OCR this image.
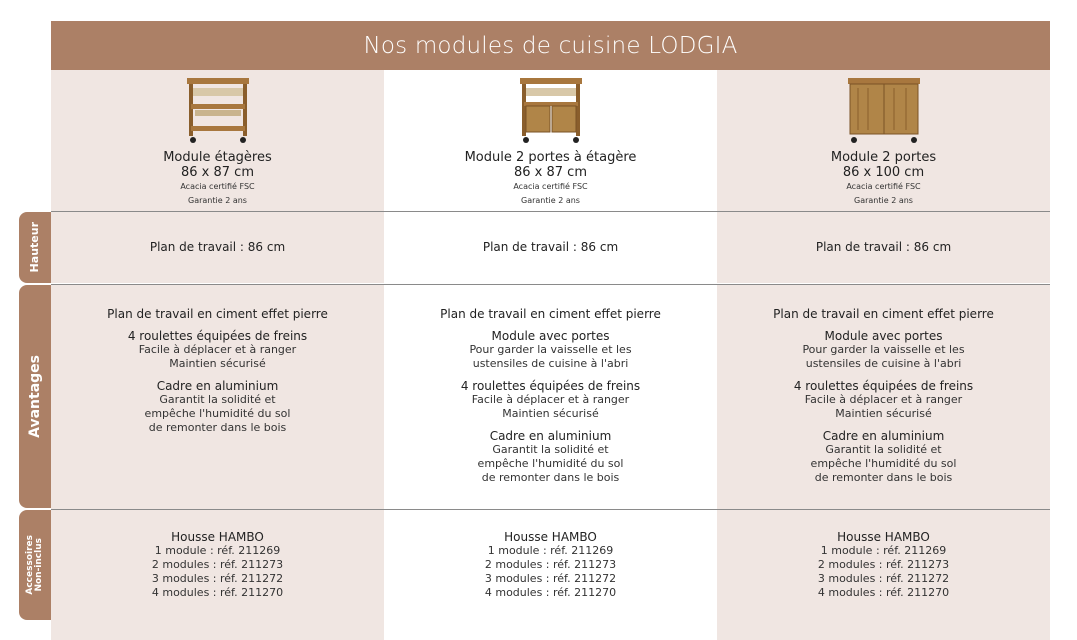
Nos modules de cuisine LODGIA
Hauteur
Avantages
Accessoires Non-inclus
Module étagères
86 x 87 cm
Acacia certifié FSC
Garantie 2 ans
Module 2 portes à étagère
86 x 87 cm
Acacia certifié FSC
Garantie 2 ans
Module 2 portes
86 x 100 cm
Acacia certifié FSC
Garantie 2 ans
Plan de travail : 86 cm	Plan de travail : 86 cm	Plan de travail : 86 cm
Plan de travail en ciment effet pierre
4 roulettes équipées de freins
Facile à déplacer et à ranger
Maintien sécurisé
Cadre en aluminium
Garantit la solidité et
empêche l'humidité du sol
de remonter dans le bois
Plan de travail en ciment effet pierre
Module avec portes
Pour garder la vaisselle et les
ustensiles de cuisine à l'abri
4 roulettes équipées de freins
Facile à déplacer et à ranger
Maintien sécurisé
Cadre en aluminium
Garantit la solidité et
empêche l'humidité du sol
de remonter dans le bois
Plan de travail en ciment effet pierre
Module avec portes
Pour garder la vaisselle et les
ustensiles de cuisine à l'abri
4 roulettes équipées de freins
Facile à déplacer et à ranger
Maintien sécurisé
Cadre en aluminium
Garantit la solidité et
empêche l'humidité du sol
de remonter dans le bois
Housse HAMBO
1 module : réf. 211269
2 modules : réf. 211273
3 modules : réf. 211272
4 modules : réf. 211270
Housse HAMBO
1 module : réf. 211269
2 modules : réf. 211273
3 modules : réf. 211272
4 modules : réf. 211270
Housse HAMBO
1 module : réf. 211269
2 modules : réf. 211273
3 modules : réf. 211272
4 modules : réf. 211270
